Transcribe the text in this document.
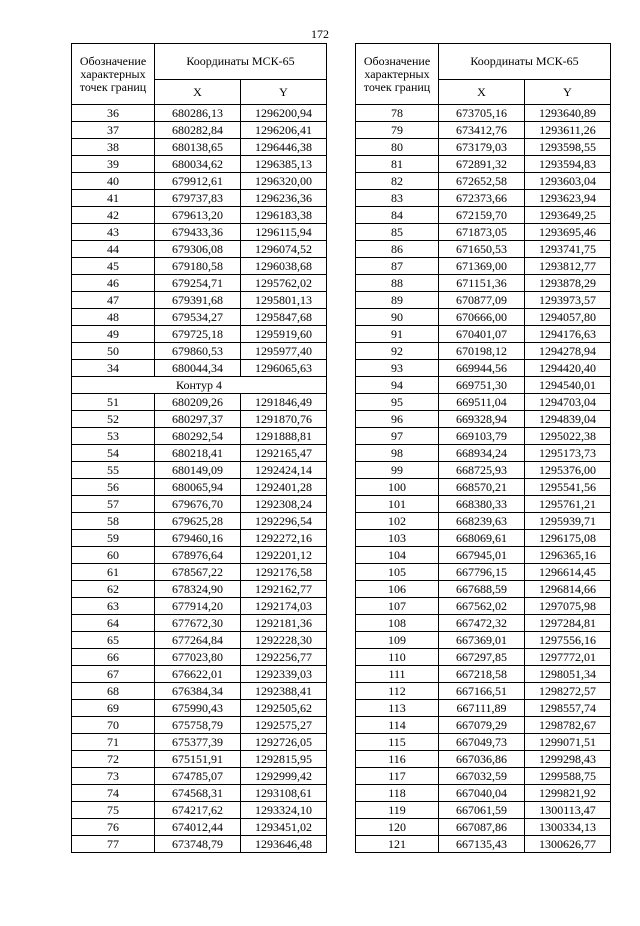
172
Обозначение характерных точек границ	Координаты МСК-65	
	X	Y
36	680286,13	1296200,94
37	680282,84	1296206,41
38	680138,65	1296446,38
39	680034,62	1296385,13
40	679912,61	1296320,00
41	679737,83	1296236,36
42	679613,20	1296183,38
43	679433,36	1296115,94
44	679306,08	1296074,52
45	679180,58	1296038,68
46	679254,71	1295762,02
47	679391,68	1295801,13
48	679534,27	1295847,68
49	679725,18	1295919,60
50	679860,53	1295977,40
34	680044,34	1296065,63
Контур 4		
51	680209,26	1291846,49
52	680297,37	1291870,76
53	680292,54	1291888,81
54	680218,41	1292165,47
55	680149,09	1292424,14
56	680065,94	1292401,28
57	679676,70	1292308,24
58	679625,28	1292296,54
59	679460,16	1292272,16
60	678976,64	1292201,12
61	678567,22	1292176,58
62	678324,90	1292162,77
63	677914,20	1292174,03
64	677672,30	1292181,36
65	677264,84	1292228,30
66	677023,80	1292256,77
67	676622,01	1292339,03
68	676384,34	1292388,41
69	675990,43	1292505,62
70	675758,79	1292575,27
71	675377,39	1292726,05
72	675151,91	1292815,95
73	674785,07	1292999,42
74	674568,31	1293108,61
75	674217,62	1293324,10
76	674012,44	1293451,02
77	673748,79	1293646,48
Обозначение характерных точек границ	Координаты МСК-65	
	X	Y
78	673705,16	1293640,89
79	673412,76	1293611,26
80	673179,03	1293598,55
81	672891,32	1293594,83
82	672652,58	1293603,04
83	672373,66	1293623,94
84	672159,70	1293649,25
85	671873,05	1293695,46
86	671650,53	1293741,75
87	671369,00	1293812,77
88	671151,36	1293878,29
89	670877,09	1293973,57
90	670666,00	1294057,80
91	670401,07	1294176,63
92	670198,12	1294278,94
93	669944,56	1294420,40
94	669751,30	1294540,01
95	669511,04	1294703,04
96	669328,94	1294839,04
97	669103,79	1295022,38
98	668934,24	1295173,73
99	668725,93	1295376,00
100	668570,21	1295541,56
101	668380,33	1295761,21
102	668239,63	1295939,71
103	668069,61	1296175,08
104	667945,01	1296365,16
105	667796,15	1296614,45
106	667688,59	1296814,66
107	667562,02	1297075,98
108	667472,32	1297284,81
109	667369,01	1297556,16
110	667297,85	1297772,01
111	667218,58	1298051,34
112	667166,51	1298272,57
113	667111,89	1298557,74
114	667079,29	1298782,67
115	667049,73	1299071,51
116	667036,86	1299298,43
117	667032,59	1299588,75
118	667040,04	1299821,92
119	667061,59	1300113,47
120	667087,86	1300334,13
121	667135,43	1300626,77
